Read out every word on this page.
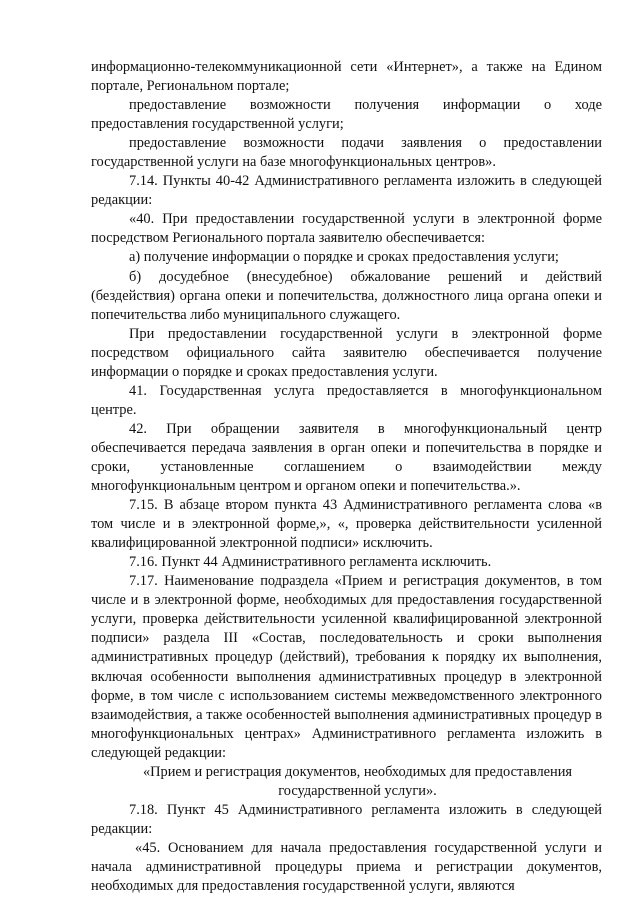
информационно-телекоммуникационной сети «Интернет», а также на Едином портале, Региональном портале;

предоставление возможности получения информации о ходе предоставления государственной услуги;

предоставление возможности подачи заявления о предоставлении государственной услуги на базе многофункциональных центров».

7.14. Пункты 40-42 Административного регламента изложить в следующей редакции:

«40. При предоставлении государственной услуги в электронной форме посредством Регионального портала заявителю обеспечивается:

а) получение информации о порядке и сроках предоставления услуги;

б) досудебное (внесудебное) обжалование решений и действий (бездействия) органа опеки и попечительства, должностного лица органа опеки и попечительства либо муниципального служащего.

При предоставлении государственной услуги в электронной форме посредством официального сайта заявителю обеспечивается получение информации о порядке и сроках предоставления услуги.

41. Государственная услуга предоставляется в многофункциональном центре.

42. При обращении заявителя в многофункциональный центр обеспечивается передача заявления в орган опеки и попечительства в порядке и сроки, установленные соглашением о взаимодействии между многофункциональным центром и органом опеки и попечительства.».

7.15. В абзаце втором пункта 43 Административного регламента слова «в том числе и в электронной форме,», «, проверка действительности усиленной квалифицированной электронной подписи» исключить.

7.16. Пункт 44 Административного регламента исключить.

7.17. Наименование подраздела «Прием и регистрация документов, в том числе и в электронной форме, необходимых для предоставления государственной услуги, проверка действительности усиленной квалифицированной электронной подписи» раздела III «Состав, последовательность и сроки выполнения административных процедур (действий), требования к порядку их выполнения, включая особенности выполнения административных процедур в электронной форме, в том числе с использованием системы межведомственного электронного взаимодействия, а также особенностей выполнения административных процедур в многофункциональных центрах» Административного регламента изложить в следующей редакции:

«Прием и регистрация документов, необходимых для предоставления государственной услуги».

7.18. Пункт 45 Административного регламента изложить в следующей редакции:

«45. Основанием для начала предоставления государственной услуги и начала административной процедуры приема и регистрации документов, необходимых для предоставления государственной услуги, являются
